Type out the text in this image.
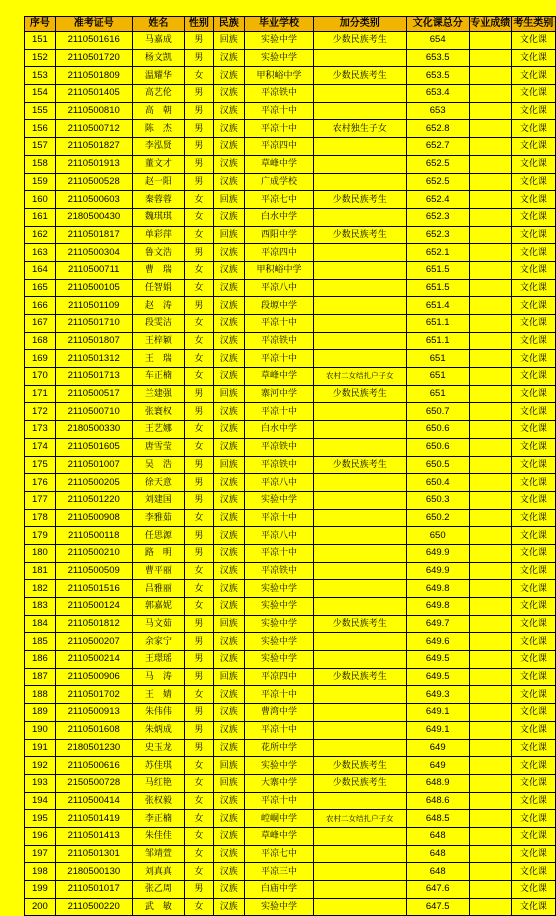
序号	准考证号	姓名	性别	民族	毕业学校	加分类别	文化课总分	专业成绩	考生类别
151	2110501616	马嘉成	男	回族	实验中学	少数民族考生	654		文化课
152	2110501720	杨文凯	男	汉族	实验中学		653.5		文化课
153	2110501809	温耀华	女	汉族	甲积峪中学	少数民族考生	653.5		文化课
154	2110501405	高艺伦	男	汉族	平凉铁中		653.4		文化课
155	2110500810	高　朝	男	汉族	平凉十中		653		文化课
156	2110500712	陈　杰	男	汉族	平凉十中	农村独生子女	652.8		文化课
157	2110501827	李泓贤	男	汉族	平凉四中		652.7		文化课
158	2110501913	董文才	男	汉族	草峰中学		652.5		文化课
159	2110500528	赵一阳	男	汉族	广成学校		652.5		文化课
160	2110500603	秦蓉蓉	女	回族	平凉七中	少数民族考生	652.4		文化课
161	2180500430	魏琪琪	女	汉族	白水中学		652.3		文化课
162	2110501817	单彩萍	女	回族	西阳中学	少数民族考生	652.3		文化课
163	2110500304	鲁文浩	男	汉族	平凉四中		652.1		文化课
164	2110500711	曹　瑞	女	汉族	甲积峪中学		651.5		文化课
165	2110500105	任智娟	女	汉族	平凉八中		651.5		文化课
166	2110501109	赵　涛	男	汉族	段塬中学		651.4		文化课
167	2110501710	段雯洁	女	汉族	平凉十中		651.1		文化课
168	2110501807	王梓颖	女	汉族	平凉铁中		651.1		文化课
169	2110501312	王　瑞	女	汉族	平凉十中		651		文化课
170	2110501713	车正楠	女	汉族	草峰中学	农村二女结扎户子女	651		文化课
171	2110500517	兰建强	男	回族	寨河中学	少数民族考生	651		文化课
172	2110500710	张寰权	男	汉族	平凉十中		650.7		文化课
173	2180500330	王艺娜	女	汉族	白水中学		650.6		文化课
174	2110501605	唐雪莹	女	汉族	平凉铁中		650.6		文化课
175	2110501007	吴　浩	男	回族	平凉铁中	少数民族考生	650.5		文化课
176	2110500205	徐天意	男	汉族	平凉八中		650.4		文化课
177	2110501220	刘建国	男	汉族	实验中学		650.3		文化课
178	2110500908	李雅茹	女	汉族	平凉十中		650.2		文化课
179	2110500118	任思源	男	汉族	平凉八中		650		文化课
180	2110500210	路　明	男	汉族	平凉十中		649.9		文化课
181	2110500509	曹平丽	女	汉族	平凉铁中		649.9		文化课
182	2110501516	吕雅丽	女	汉族	实验中学		649.8		文化课
183	2110500124	郭嘉妮	女	汉族	实验中学		649.8		文化课
184	2110501812	马文茹	男	回族	实验中学	少数民族考生	649.7		文化课
185	2110500207	余家宁	男	汉族	实验中学		649.6		文化课
186	2110500214	王璟瑶	男	汉族	实验中学		649.5		文化课
187	2110500906	马　涛	男	回族	平凉四中	少数民族考生	649.5		文化课
188	2110501702	王　婧	女	汉族	平凉十中		649.3		文化课
189	2110500913	朱伟伟	男	汉族	曹湾中学		649.1		文化课
190	2110501608	朱炳成	男	汉族	平凉十中		649.1		文化课
191	2180501230	史玉龙	男	汉族	花所中学		649		文化课
192	2110500616	苏佳琪	女	回族	实验中学	少数民族考生	649		文化课
193	2150500728	马红艳	女	回族	大寨中学	少数民族考生	648.9		文化课
194	2110500414	张权毅	女	汉族	平凉十中		648.6		文化课
195	2110501419	李正楠	女	汉族	崆峒中学	农村二女结扎户子女	648.5		文化课
196	2110501413	朱佳佳	女	汉族	草峰中学		648		文化课
197	2110501301	邹靖萱	女	汉族	平凉七中		648		文化课
198	2180500130	刘真真	女	汉族	平凉三中		648		文化课
199	2110501017	张乙周	男	汉族	白庙中学		647.6		文化课
200	2110500220	武　敏	女	汉族	实验中学		647.5		文化课
